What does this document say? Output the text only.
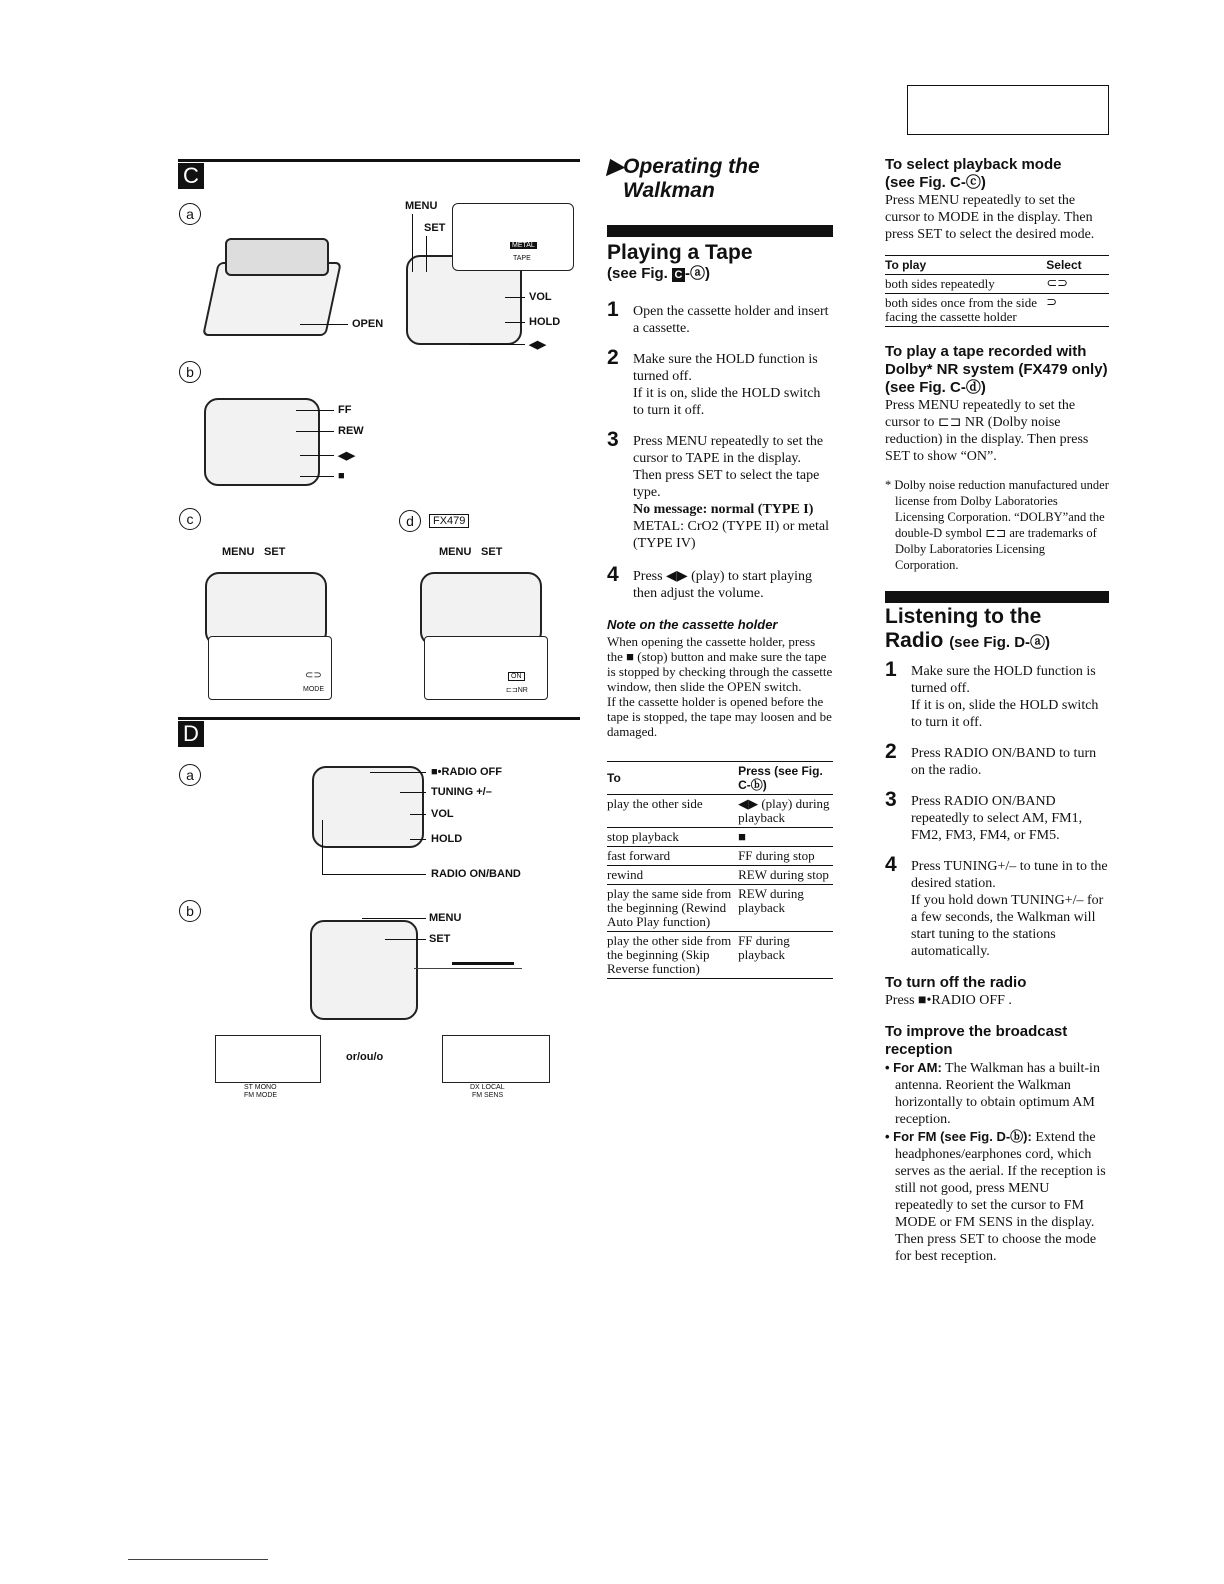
C
a
OPEN
METAL
TAPE
MENU
SET
VOL
HOLD
◀▶
b
FF
REW
◀▶
■
c
MENU SET
⊂⊃
MODE
d	FX479
MENU SET
ON
⊏⊐NR
D
a	■•RADIO OFF
TUNING +/–
VOL
HOLD
RADIO ON/BAND
b	MENU
SET
ST MONO
FM MODE
or/ou/o
DX LOCAL
FM SENS
▶Operating the
Walkman
Playing a Tape
(see Fig. C -ⓐ)
1 Open the cassette holder and insert a cassette.
2 Make sure the HOLD function is turned off.
If it is on, slide the HOLD switch to turn it off.
3 Press MENU repeatedly to set the cursor to TAPE in the display.
Then press SET to select the tape type.
No message: normal (TYPE I)
METAL: CrO2 (TYPE II) or metal (TYPE IV)
4 Press ◀▶ (play) to start playing then adjust the volume.
Note on the cassette holder
When opening the cassette holder, press the ■ (stop) button and make sure the tape is stopped by checking through the cassette window, then slide the OPEN switch.
If the cassette holder is opened before the tape is stopped, the tape may loosen and be damaged.
To	Press (see Fig. C-ⓑ)
play the other side	◀▶ (play) during playback
stop playback	■
fast forward	FF during stop
rewind	REW during stop
play the same side from the beginning (Rewind Auto Play function)	REW during playback
play the other side from the beginning (Skip Reverse function)	FF during playback
To select playback mode
(see Fig. C-ⓒ)
Press MENU repeatedly to set the cursor to MODE in the display. Then press SET to select the desired mode.
To play	Select
both sides repeatedly	⊂⊃
both sides once from the side facing the cassette holder	⊃
To play a tape recorded with Dolby* NR system (FX479 only) (see Fig. C-ⓓ)
Press MENU repeatedly to set the cursor to ⊏⊐ NR (Dolby noise reduction) in the display. Then press SET to show “ON”.
* Dolby noise reduction manufactured under license from Dolby Laboratories Licensing Corporation. “DOLBY”and the double-D symbol ⊏⊐ are trademarks of Dolby Laboratories Licensing Corporation.
Listening to the
Radio (see Fig. D-ⓐ)
1 Make sure the HOLD function is turned off.
If it is on, slide the HOLD switch to turn it off.
2 Press RADIO ON/BAND to turn on the radio.
3 Press RADIO ON/BAND repeatedly to select AM, FM1, FM2, FM3, FM4, or FM5.
4 Press TUNING+/– to tune in to the desired station.
If you hold down TUNING+/– for a few seconds, the Walkman will start tuning to the stations automatically.
To turn off the radio
Press ■•RADIO OFF .
To improve the broadcast reception

• For AM: The Walkman has a built-in antenna. Reorient the Walkman horizontally to obtain optimum AM reception.

• For FM (see Fig. D-ⓑ): Extend the headphones/earphones cord, which serves as the aerial. If the reception is still not good, press MENU repeatedly to set the cursor to FM MODE or FM SENS in the display. Then press SET to choose the mode for best reception.
